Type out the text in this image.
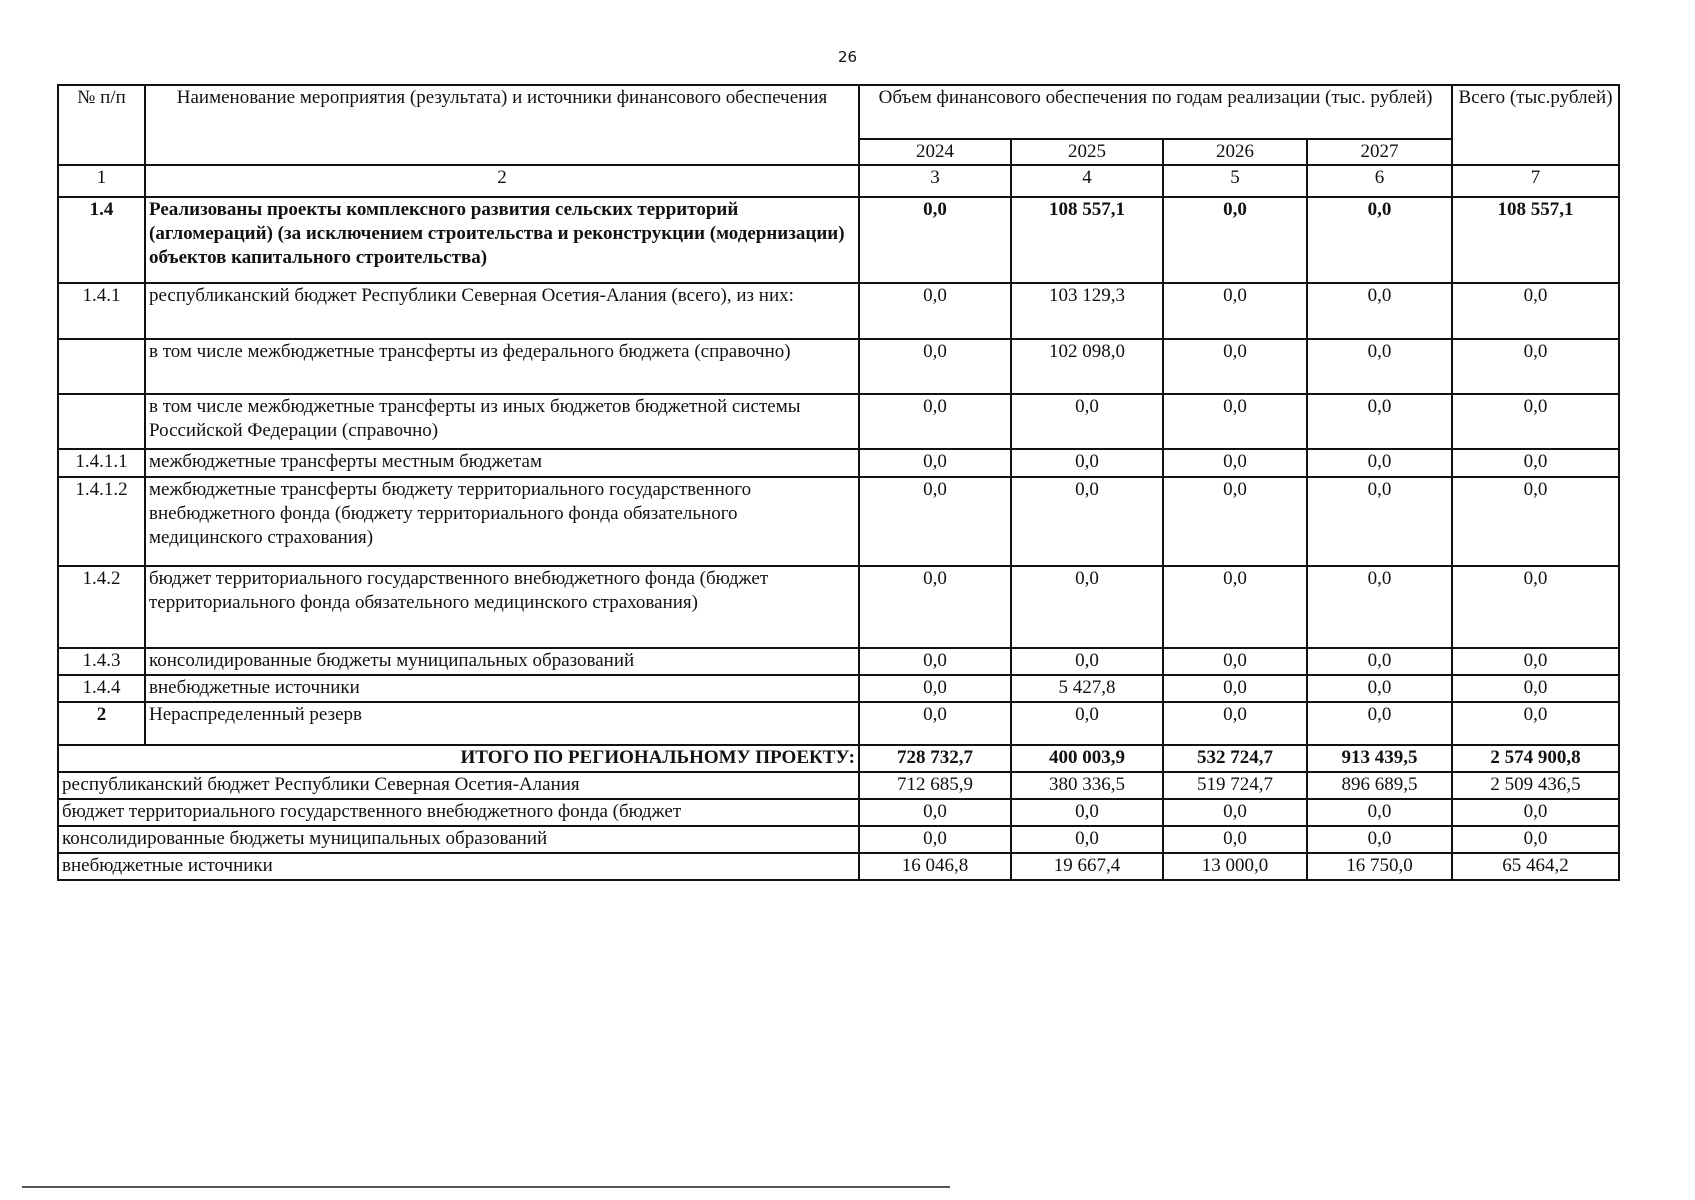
26
№ п/п	Наименование мероприятия (результата) и источники финансового обеспечения	Объем финансового обеспечения по годам реализации (тыс. рублей)				Всего (тыс.рублей)
		2024	2025	2026	2027	
1	2	3	4	5	6	7
1.4	Реализованы проекты комплексного развития сельских территорий (агломераций) (за исключением строительства и реконструкции (модернизации) объектов капитального строительства)	0,0	108 557,1	0,0	0,0	108 557,1
1.4.1	республиканский бюджет Республики Северная Осетия-Алания (всего), из них:	0,0	103 129,3	0,0	0,0	0,0
	в том числе межбюджетные трансферты из федерального бюджета (справочно)	0,0	102 098,0	0,0	0,0	0,0
	в том числе межбюджетные трансферты из иных бюджетов бюджетной системы Российской Федерации (справочно)	0,0	0,0	0,0	0,0	0,0
1.4.1.1	межбюджетные трансферты местным бюджетам	0,0	0,0	0,0	0,0	0,0
1.4.1.2	межбюджетные трансферты бюджету территориального государственного внебюджетного фонда (бюджету территориального фонда обязательного медицинского страхования)	0,0	0,0	0,0	0,0	0,0
1.4.2	бюджет территориального государственного внебюджетного фонда (бюджет территориального фонда обязательного медицинского страхования)	0,0	0,0	0,0	0,0	0,0
1.4.3	консолидированные бюджеты муниципальных образований	0,0	0,0	0,0	0,0	0,0
1.4.4	внебюджетные источники	0,0	5 427,8	0,0	0,0	0,0
2	Нераспределенный резерв	0,0	0,0	0,0	0,0	0,0
ИТОГО ПО РЕГИОНАЛЬНОМУ ПРОЕКТУ:		728 732,7	400 003,9	532 724,7	913 439,5	2 574 900,8
республиканский бюджет Республики Северная Осетия-Алания		712 685,9	380 336,5	519 724,7	896 689,5	2 509 436,5
бюджет территориального государственного внебюджетного фонда (бюджет		0,0	0,0	0,0	0,0	0,0
консолидированные бюджеты муниципальных образований		0,0	0,0	0,0	0,0	0,0
внебюджетные источники		16 046,8	19 667,4	13 000,0	16 750,0	65 464,2
